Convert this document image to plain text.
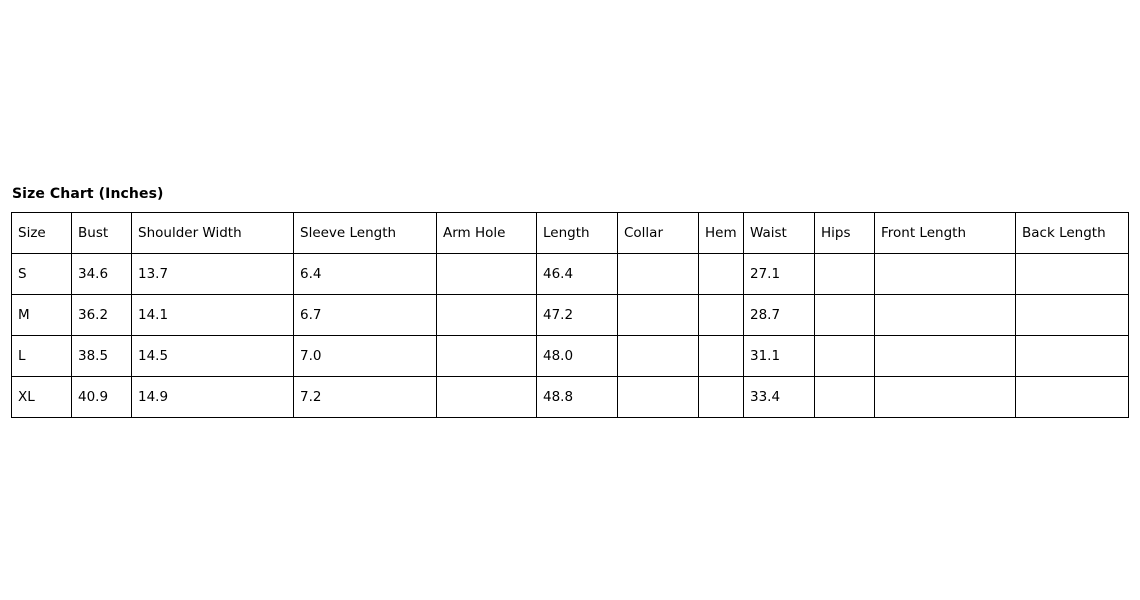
Size Chart (Inches)
Size	Bust	Shoulder Width	Sleeve Length	Arm Hole	Length	Collar	Hem	Waist	Hips	Front Length	Back Length
S	34.6	13.7	6.4		46.4			27.1			
M	36.2	14.1	6.7		47.2			28.7			
L	38.5	14.5	7.0		48.0			31.1			
XL	40.9	14.9	7.2		48.8			33.4			
